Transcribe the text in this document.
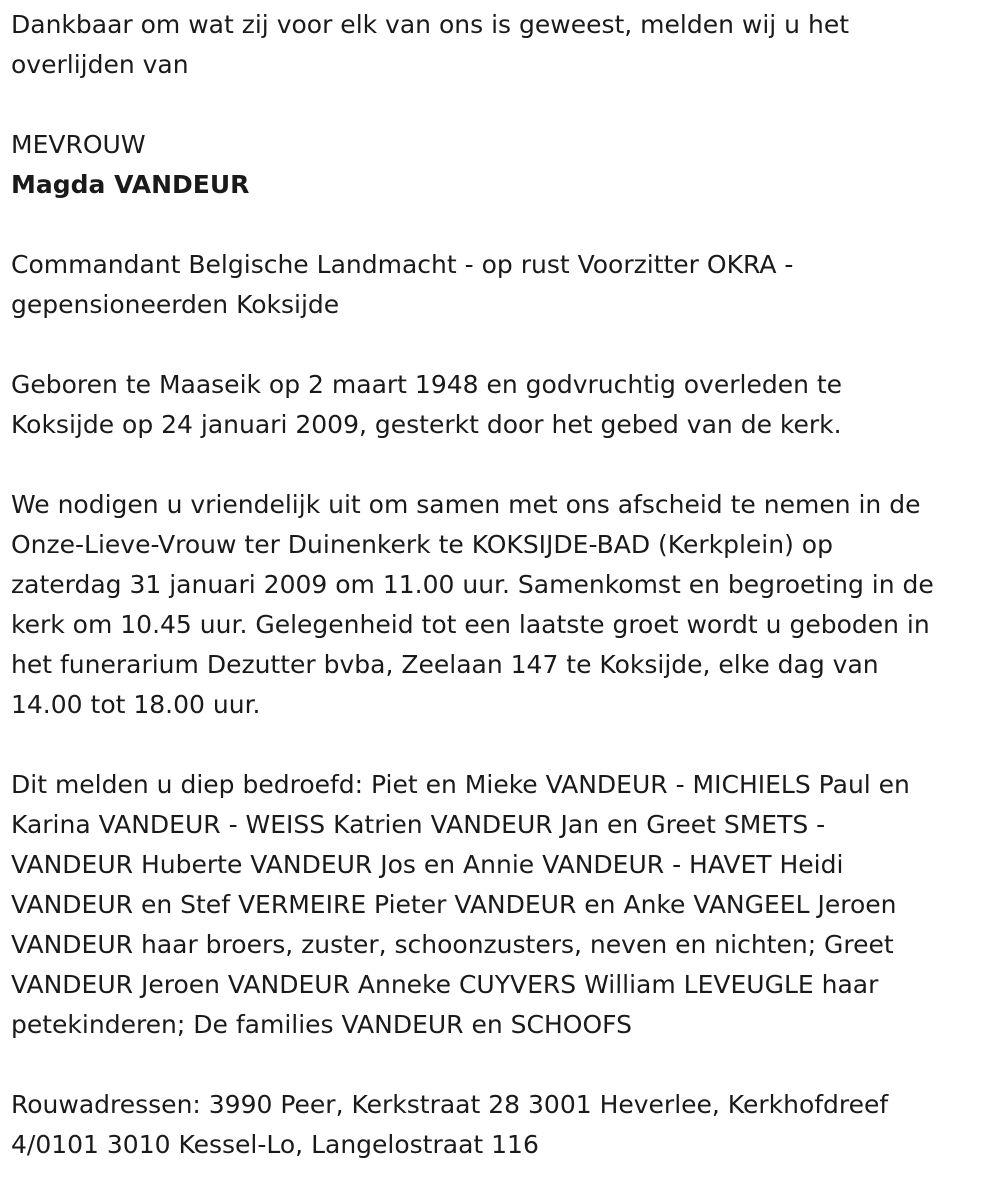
Dankbaar om wat zij voor elk van ons is geweest, melden wij u het
overlijden van

MEVROUW

Magda VANDEUR

Commandant Belgische Landmacht - op rust Voorzitter OKRA -
gepensioneerden Koksijde

Geboren te Maaseik op 2 maart 1948 en godvruchtig overleden te
Koksijde op 24 januari 2009, gesterkt door het gebed van de kerk.

We nodigen u vriendelijk uit om samen met ons afscheid te nemen in de
Onze-Lieve-Vrouw ter Duinenkerk te KOKSIJDE-BAD (Kerkplein) op
zaterdag 31 januari 2009 om 11.00 uur. Samenkomst en begroeting in de
kerk om 10.45 uur. Gelegenheid tot een laatste groet wordt u geboden in
het funerarium Dezutter bvba, Zeelaan 147 te Koksijde, elke dag van
14.00 tot 18.00 uur.

Dit melden u diep bedroefd: Piet en Mieke VANDEUR - MICHIELS Paul en
Karina VANDEUR - WEISS Katrien VANDEUR Jan en Greet SMETS -
VANDEUR Huberte VANDEUR Jos en Annie VANDEUR - HAVET Heidi
VANDEUR en Stef VERMEIRE Pieter VANDEUR en Anke VANGEEL Jeroen
VANDEUR haar broers, zuster, schoonzusters, neven en nichten; Greet
VANDEUR Jeroen VANDEUR Anneke CUYVERS William LEVEUGLE haar
petekinderen; De families VANDEUR en SCHOOFS

Rouwadressen: 3990 Peer, Kerkstraat 28 3001 Heverlee, Kerkhofdreef
4/0101 3010 Kessel-Lo, Langelostraat 116
